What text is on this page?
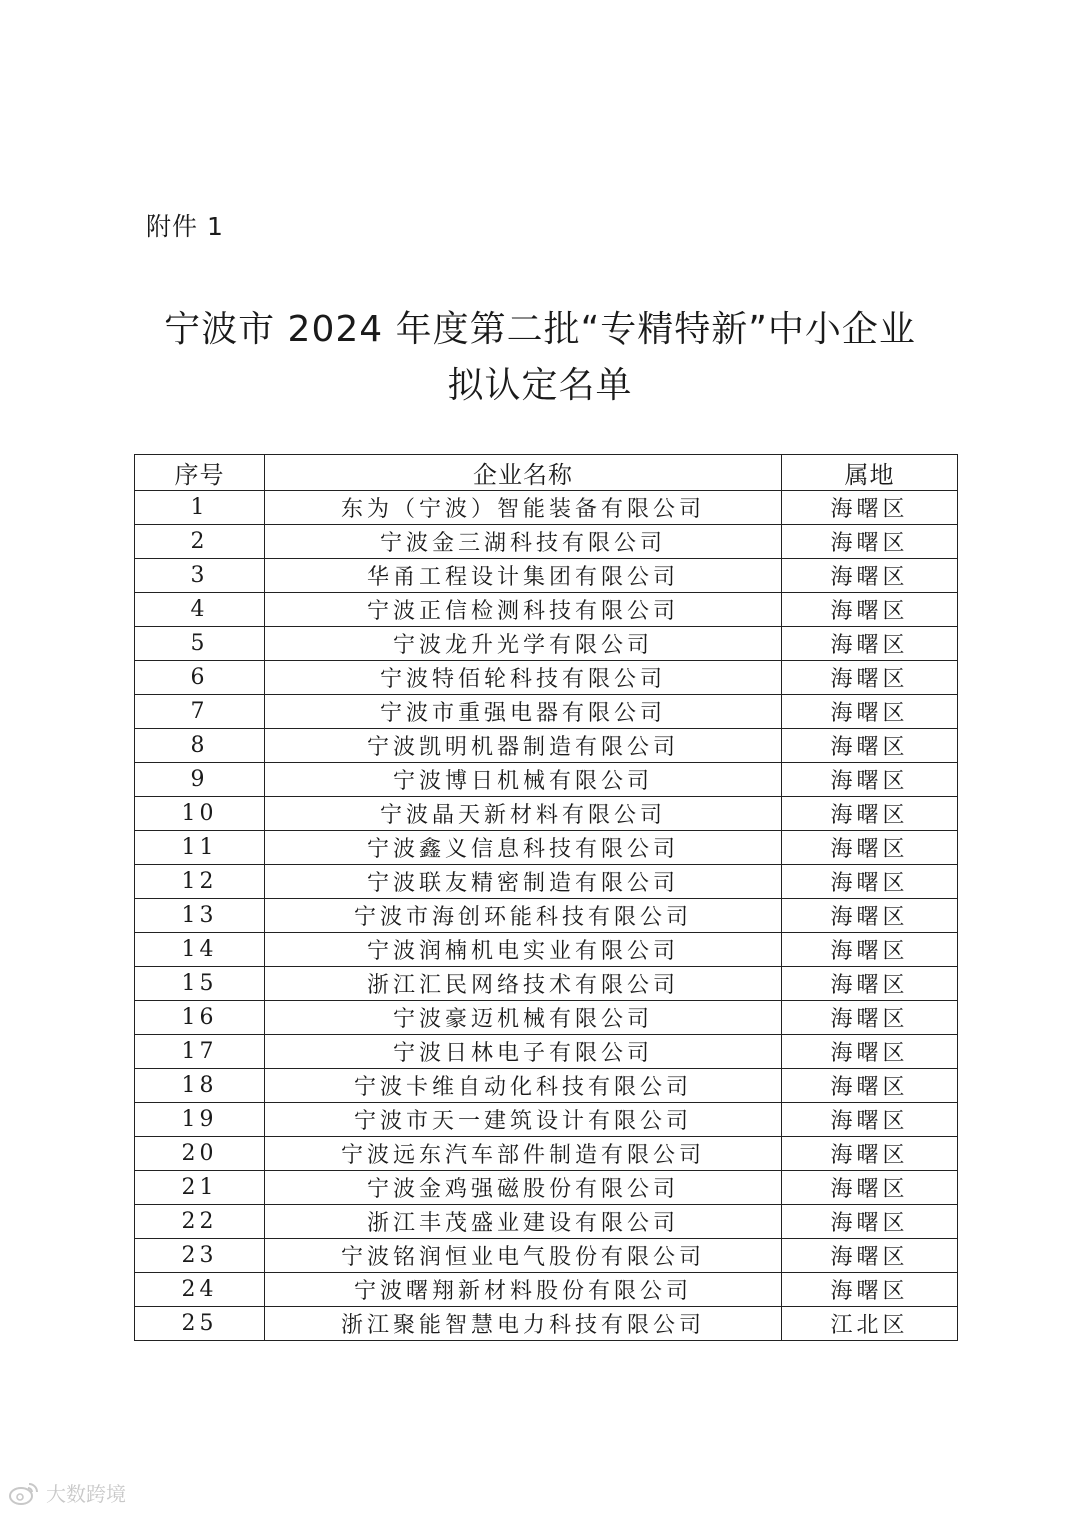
附件 1
宁波市 2024 年度第二批“专精特新”中小企业
拟认定名单
序号	企业名称	属地
1	东为（宁波）智能装备有限公司	海曙区
2	宁波金三湖科技有限公司	海曙区
3	华甬工程设计集团有限公司	海曙区
4	宁波正信检测科技有限公司	海曙区
5	宁波龙升光学有限公司	海曙区
6	宁波特佰轮科技有限公司	海曙区
7	宁波市重强电器有限公司	海曙区
8	宁波凯明机器制造有限公司	海曙区
9	宁波博日机械有限公司	海曙区
10	宁波晶天新材料有限公司	海曙区
11	宁波鑫义信息科技有限公司	海曙区
12	宁波联友精密制造有限公司	海曙区
13	宁波市海创环能科技有限公司	海曙区
14	宁波润楠机电实业有限公司	海曙区
15	浙江汇民网络技术有限公司	海曙区
16	宁波豪迈机械有限公司	海曙区
17	宁波日林电子有限公司	海曙区
18	宁波卡维自动化科技有限公司	海曙区
19	宁波市天一建筑设计有限公司	海曙区
20	宁波远东汽车部件制造有限公司	海曙区
21	宁波金鸡强磁股份有限公司	海曙区
22	浙江丰茂盛业建设有限公司	海曙区
23	宁波铭润恒业电气股份有限公司	海曙区
24	宁波曙翔新材料股份有限公司	海曙区
25	浙江聚能智慧电力科技有限公司	江北区
大数跨境
